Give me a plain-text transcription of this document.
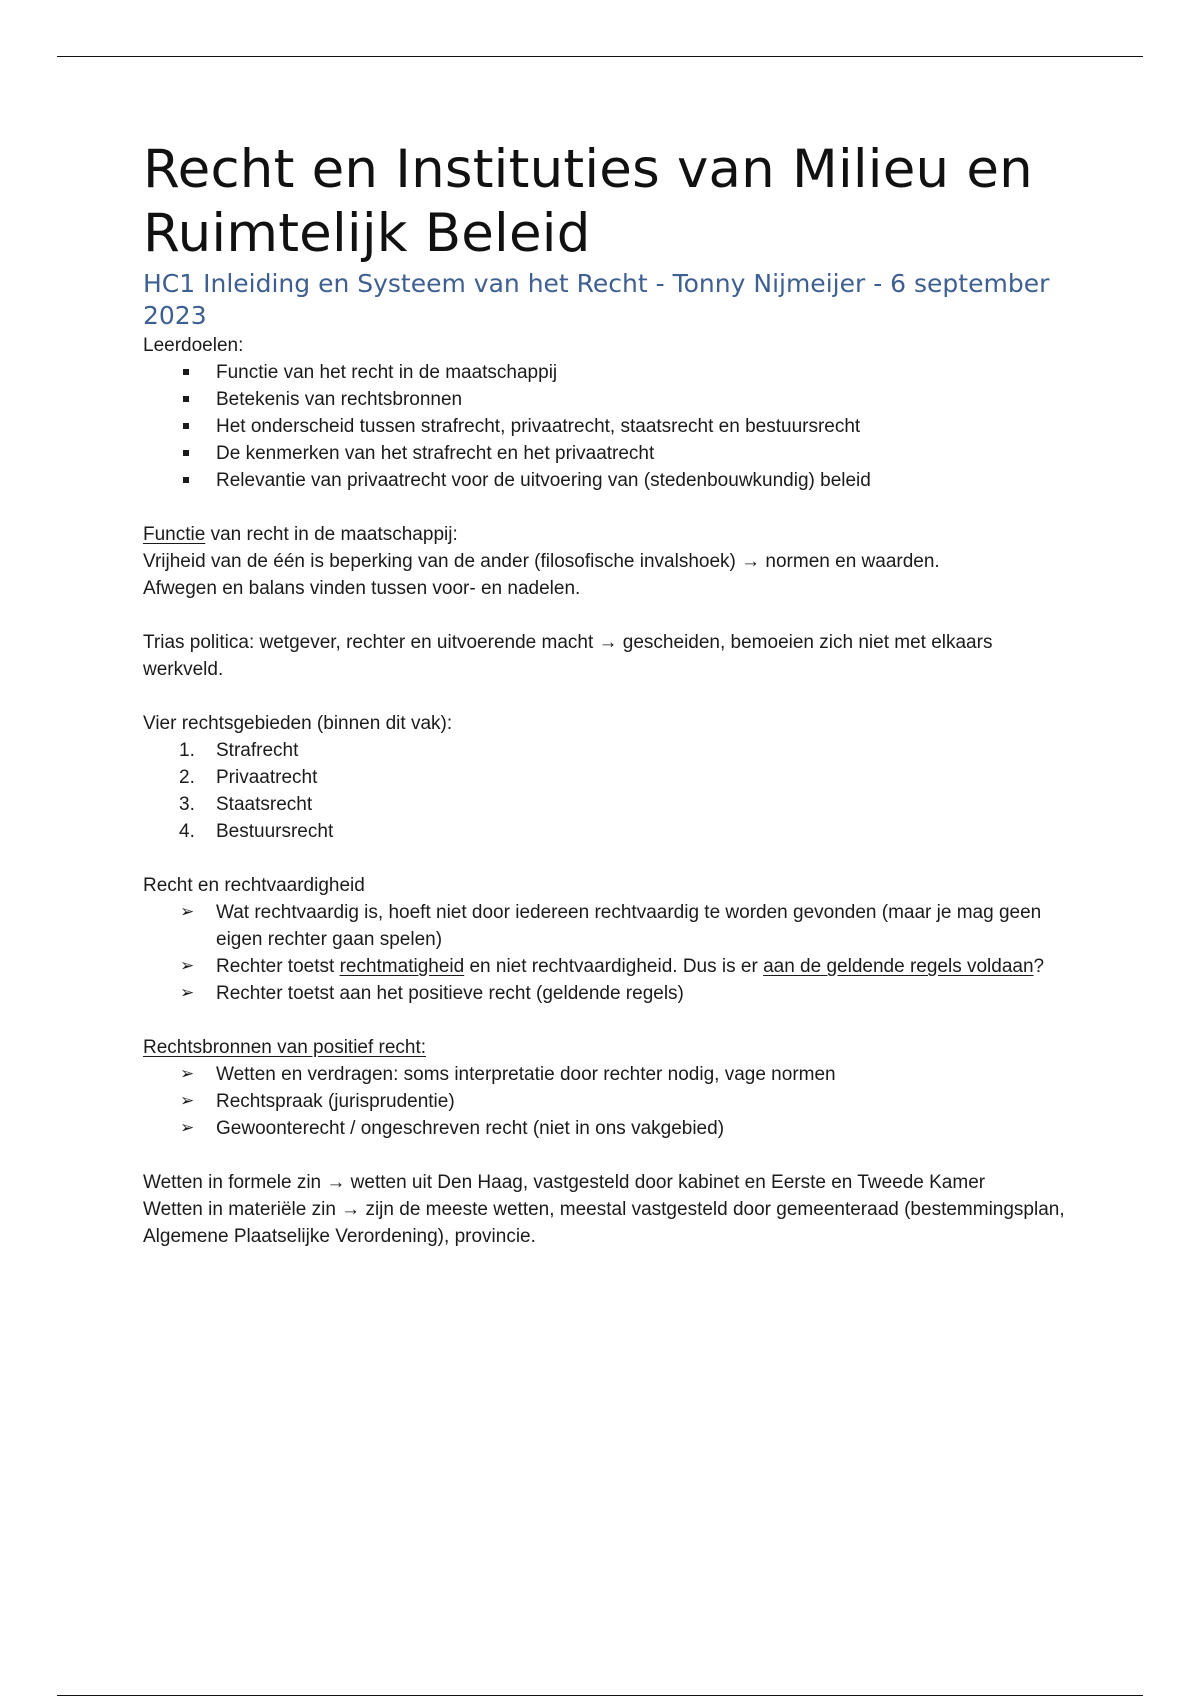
Recht en Instituties van Milieu en Ruimtelijk Beleid
HC1 Inleiding en Systeem van het Recht - Tonny Nijmeijer - 6 september 2023

Leerdoelen:

Functie van het recht in de maatschappij
Betekenis van rechtsbronnen
Het onderscheid tussen strafrecht, privaatrecht, staatsrecht en bestuursrecht
De kenmerken van het strafrecht en het privaatrecht
Relevantie van privaatrecht voor de uitvoering van (stedenbouwkundig) beleid

Functie van recht in de maatschappij:

Vrijheid van de één is beperking van de ander (filosofische invalshoek) → normen en waarden.

Afwegen en balans vinden tussen voor- en nadelen.

Trias politica: wetgever, rechter en uitvoerende macht → gescheiden, bemoeien zich niet met elkaars werkveld.

Vier rechtsgebieden (binnen dit vak):

1. Strafrecht
2. Privaatrecht
3. Staatsrecht
4. Bestuursrecht

Recht en rechtvaardigheid

➢ Wat rechtvaardig is, hoeft niet door iedereen rechtvaardig te worden gevonden (maar je mag geen eigen rechter gaan spelen)
➢ Rechter toetst rechtmatigheid en niet rechtvaardigheid. Dus is er aan de geldende regels voldaan?
➢ Rechter toetst aan het positieve recht (geldende regels)

Rechtsbronnen van positief recht:

➢ Wetten en verdragen: soms interpretatie door rechter nodig, vage normen
➢ Rechtspraak (jurisprudentie)
➢ Gewoonterecht / ongeschreven recht (niet in ons vakgebied)

Wetten in formele zin → wetten uit Den Haag, vastgesteld door kabinet en Eerste en Tweede Kamer

Wetten in materiële zin → zijn de meeste wetten, meestal vastgesteld door gemeenteraad (bestemmingsplan, Algemene Plaatselijke Verordening), provincie.
